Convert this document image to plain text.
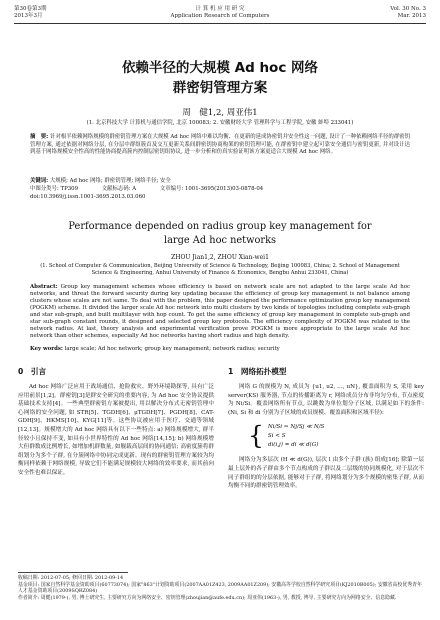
第30卷第3期
2013年3月
计 算 机 应 用 研 究
Application Research of Computers
Vol. 30 No. 3
Mar. 2013
依赖半径的大规模 Ad hoc 网络
群密钥管理方案
周　健1,2, 周亚伟1
(1. 北京科技大学 计算机与通信学院, 北京 100083; 2. 安徽财经大学 管理科学与工程学院, 安徽 蚌埠 233041)
摘　要: 针对根半依赖网络规模的群密钥管理方案在大规模 Ad hoc 网络中难以均衡、在更新的延成协密钥并安全性这一问题, 设计了一种依赖网络半径的群密钥管理方案, 通过依据对网络分层, 在分层中群组簇首及交互更新关系间群密钥协商构架的密钥管理可能, 在群密钥中建立起可靠安全通信与密钥更新, 并对设计达到基于网络规模安全性高的性能协商提高簇内控制层密钥组协议, 进一步分析和仿真实验证明该方案更适合大规模 Ad hoc 网络。
关键词: 大规模; Ad hoc 网络; 群密钥管理; 网络半径; 安全
中图分类号: TP309	文献标志码: A	文章编号: 1001-3695(2013)03-0878-04
doi:10.3969/j.issn.1001-3695.2013.03.060
Performance depended on radius group key management for
large Ad hoc networks
ZHOU Jian1,2, ZHOU Xian-wei1
(1. School of Computer & Communication, Beijing University of Science & Technology, Beijing 100083, China; 2. School of Management Science & Engineering, Anhui University of Finance & Economics, Bengbu Anhui 233041, China)
Abstract: Group key management schemes whose efficiency is based on network scale are not adapted to the large scale Ad hoc networks, and threat the forward security during key updating because the efficiency of group key management is not balance among clusters whose scales are not same. To deal with the problem, this paper designed the performance optimization group key management (POGKM) scheme. It divided the larger scale Ad hoc network into multi clusters by two kinds of topologies including complete sub-graph and star sub-graph, and built multilayer with hop count. To get the same efficiency of group key management in complete sub-graph and star sub-graph constant rounds, it designed and selected group key protocols. The efficiency complexity of POGKM was related to the network radius. At last, theory analysis and experimental verification prove POGKM is more appropriate to the large scale Ad hoc network than other schemes, especially Ad hoc networks having short radius and high density.
Key words: large scale; Ad hoc network; group key management; network radius; security
0　引言
Ad hoc 网络广泛应用于战场通信、抢险救灾、野外环境勘探等, 具有广泛应用前景[1,2]。群密钥[3]是群安全研究的重要内容, 为 Ad hoc 安全协议提供基础技术支持[4]。一些典型群密钥方案被提出, 用以解决分布式无密钥管理中心网络的安全问题, 如 STR[5]、TGDH[6]、μTGDH[7]、PGDH[8]、CAT-GDH[9]、HKMS[10]、KYG[11]等。这些协议被应用于医疗、交通等领域[12,13]。规模增大的 Ad hoc 网络具有以下一些特点: a) 网络规模增大, 群半径较小且保持不变, 如具有小世界特性的 Ad hoc 网络[14,15]; b) 网络规模增大但群数成比例增长, 如增加机群数量, 如舰载高层间的协同通信; 高密度簇将群组划分为多个子群, 在分簇网络中协同完成更新。现有的群密钥管理方案较为均衡同样依赖于网络规模, 导致它们不能满足规模较大网络的效率要求, 而其前向安全性也难以保证。
1　网络拓扑模型
网络 G 的规模为 N, 成员为 {u1, u2, …, uN}, 覆盖面积为 S, 采用 key server(KS) 服务器, 节点的传播距离为 r, 网络成员分布非均匀分布, 节点密度为 Ni/Si。覆盖网络所有节点, 以跳数为单位划分子区域, 以满足如下的条件: (Ni, Si 和 di 分别为子区域的成员规模、覆盖面积和区域半径):
{ Ni/Si ≈ Nj/Sj ≪ N/S
Si < S
di(i,j) = di ≪ d(G)
网络分为多层次 (H ≪ d(G)), 层次 l 由多个子群 (族) 组成[16]; 除第一层最上层外的各子群由多个节点构成的子群以及二层级的协同规模化, 对于层次不同子群组的的分层依据, 能够对于子群, 将网络划分为多个规模的密集子群, 从而均衡不同的群密钥管理效率。
收稿日期: 2012-07-05; 修回日期: 2012-09-14
基金项目: 国家自然科学基金资助项目(60773074); 国家"863"计划资助项目(2007AA01Z423, 2009AA01Z209); 安徽高等学校自然科学研究项目(KJ2010B005); 安徽省高校优秀青年人才基金资助项目(2009SQRZ084)
作者简介: 周健(1979-), 男, 博士研究生, 主要研究方向为网络安全、密钥管理(zhoujian@aufe.edu.cn); 周亚伟(1963-), 男, 教授, 博导, 主要研究方向为网络安全、信息隐藏.
